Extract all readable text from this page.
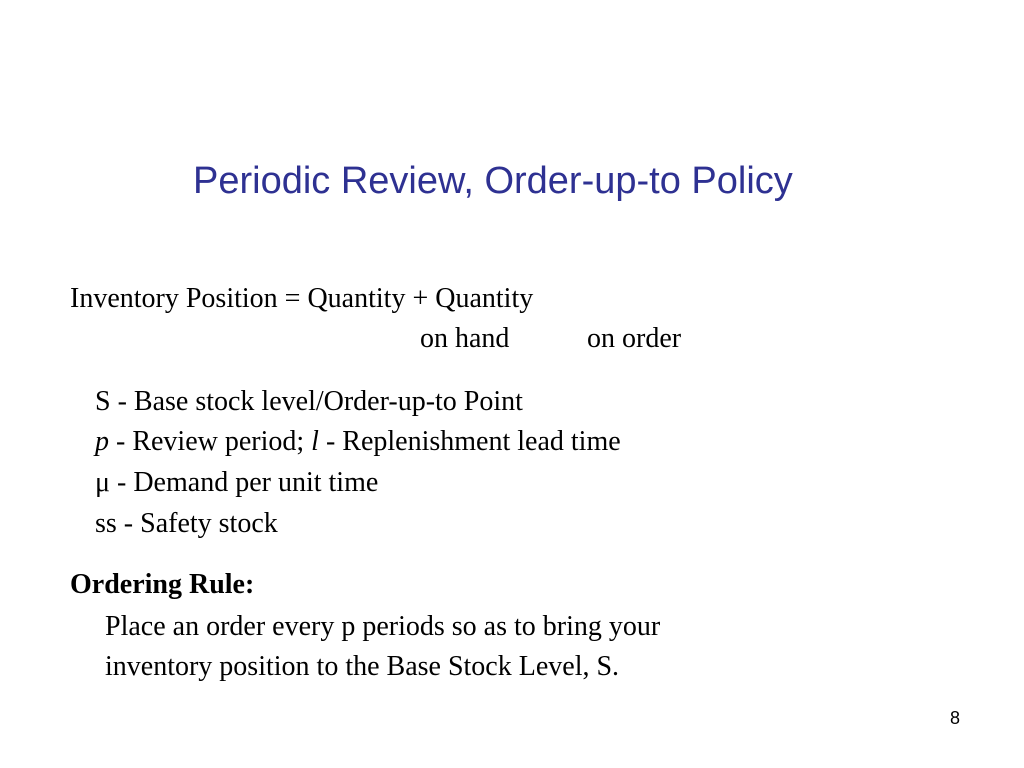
Periodic Review, Order-up-to Policy
Inventory Position = Quantity + Quantity
on hand	on order
S - Base stock level/Order-up-to Point
p - Review period; l - Replenishment lead time
μ - Demand per unit time
ss - Safety stock
Ordering Rule:
Place an order every p periods so as to bring your
inventory position to the Base Stock Level, S.
8
